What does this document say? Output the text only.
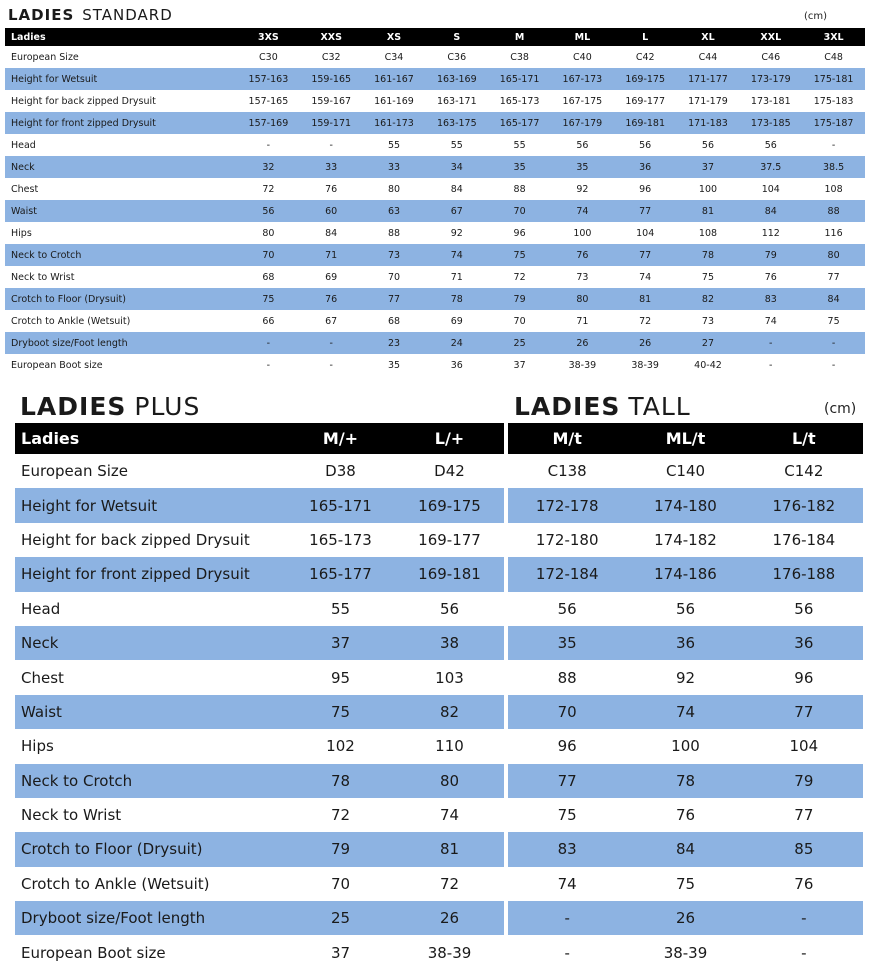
LADIES STANDARD	(cm)
Ladies	3XS	XXS	XS	S	M	ML	L	XL	XXL	3XL
European Size	C30	C32	C34	C36	C38	C40	C42	C44	C46	C48
Height for Wetsuit	157-163	159-165	161-167	163-169	165-171	167-173	169-175	171-177	173-179	175-181
Height for back zipped Drysuit	157-165	159-167	161-169	163-171	165-173	167-175	169-177	171-179	173-181	175-183
Height for front zipped Drysuit	157-169	159-171	161-173	163-175	165-177	167-179	169-181	171-183	173-185	175-187
Head	-	-	55	55	55	56	56	56	56	-
Neck	32	33	33	34	35	35	36	37	37.5	38.5
Chest	72	76	80	84	88	92	96	100	104	108
Waist	56	60	63	67	70	74	77	81	84	88
Hips	80	84	88	92	96	100	104	108	112	116
Neck to Crotch	70	71	73	74	75	76	77	78	79	80
Neck to Wrist	68	69	70	71	72	73	74	75	76	77
Crotch to Floor (Drysuit)	75	76	77	78	79	80	81	82	83	84
Crotch to Ankle (Wetsuit)	66	67	68	69	70	71	72	73	74	75
Dryboot size/Foot length	-	-	23	24	25	26	26	27	-	-
European Boot size	-	-	35	36	37	38-39	38-39	40-42	-	-
LADIES PLUS	LADIES TALL	(cm)
Ladies	M/+	L/+
European Size	D38	D42
Height for Wetsuit	165-171	169-175
Height for back zipped Drysuit	165-173	169-177
Height for front zipped Drysuit	165-177	169-181
Head	55	56
Neck	37	38
Chest	95	103
Waist	75	82
Hips	102	110
Neck to Crotch	78	80
Neck to Wrist	72	74
Crotch to Floor (Drysuit)	79	81
Crotch to Ankle (Wetsuit)	70	72
Dryboot size/Foot length	25	26
European Boot size	37	38-39
M/t	ML/t	L/t
C138	C140	C142
172-178	174-180	176-182
172-180	174-182	176-184
172-184	174-186	176-188
56	56	56
35	36	36
88	92	96
70	74	77
96	100	104
77	78	79
75	76	77
83	84	85
74	75	76
-	26	-
-	38-39	-
